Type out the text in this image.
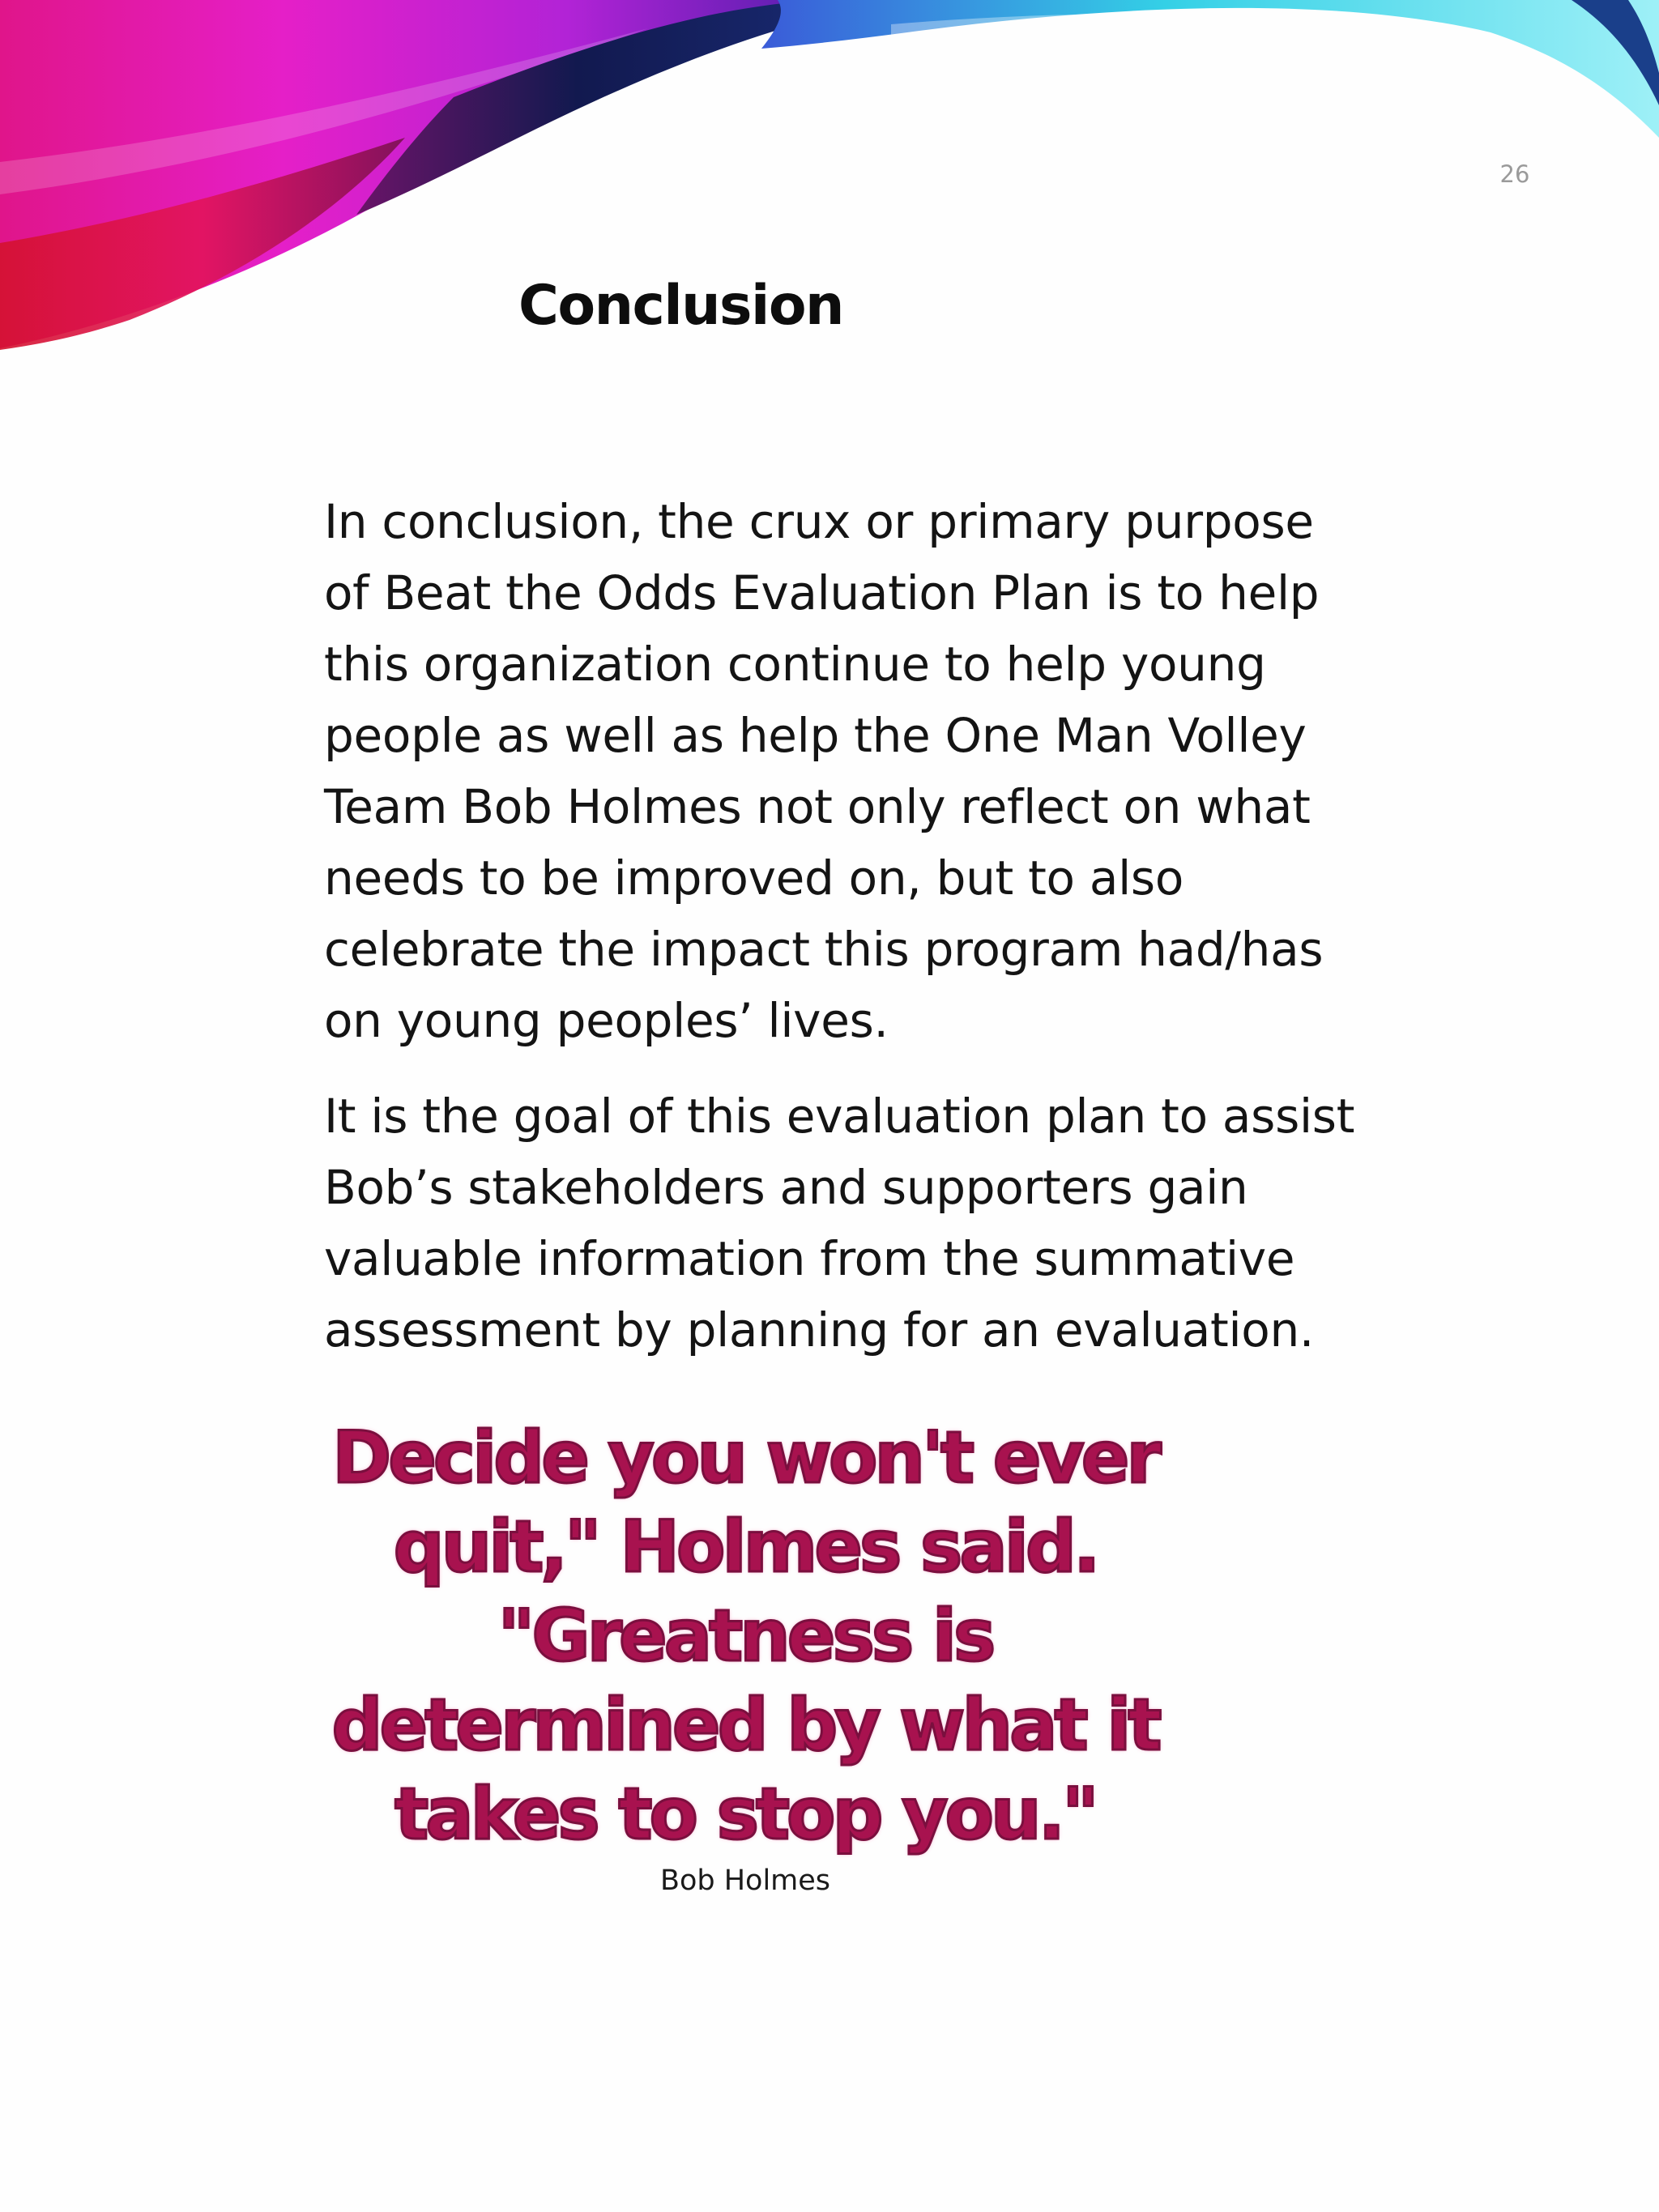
26
Conclusion

In conclusion, the crux or primary purpose of Beat the Odds Evaluation Plan is to help this organization continue to help young people as well as help the One Man Volley Team Bob Holmes not only reflect on what needs to be improved on, but to also celebrate the impact this program had/has on young peoples’ lives.

It is the goal of this evaluation plan to assist Bob’s stakeholders and supporters gain valuable information from the summative assessment by planning for an evaluation.

Decide you won't ever quit," Holmes said. "Greatness is determined by what it takes to stop you."
Bob Holmes
